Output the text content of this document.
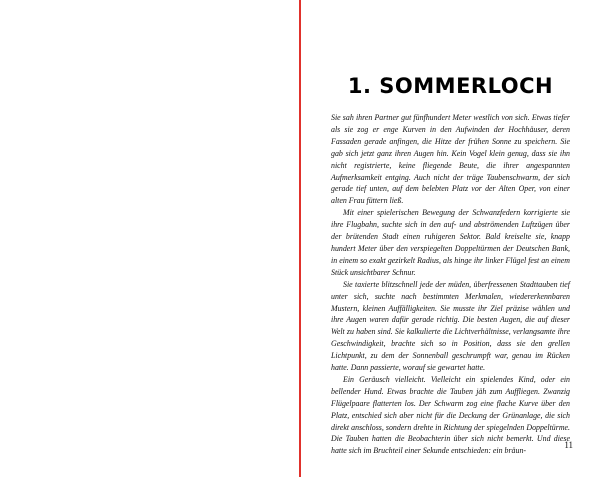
1. SOMMERLOCH

Sie sah ihren Partner gut fünfhundert Meter westlich von sich. Etwas tiefer als sie zog er enge Kurven in den Aufwinden der Hochhäuser, deren Fassaden gerade anfingen, die Hitze der frühen Sonne zu speichern. Sie gab sich jetzt ganz ihren Augen hin. Kein Vogel klein genug, dass sie ihn nicht registrierte, keine fliegende Beute, die ihrer angespannten Aufmerksamkeit entging. Auch nicht der träge Taubenschwarm, der sich gerade tief unten, auf dem belebten Platz vor der Alten Oper, von einer alten Frau füttern ließ.

Mit einer spielerischen Bewegung der Schwanzfedern korrigierte sie ihre Flugbahn, suchte sich in den auf- und abströmenden Luftzügen über der brütenden Stadt einen ruhigeren Sektor. Bald kreiselte sie, knapp hundert Meter über den verspiegelten Doppeltürmen der Deutschen Bank, in einem so exakt gezirkelt Radius, als hinge ihr linker Flügel fest an einem Stück unsichtbarer Schnur.

Sie taxierte blitzschnell jede der müden, überfressenen Stadttauben tief unter sich, suchte nach bestimmten Merkmalen, wiedererkennbaren Mustern, kleinen Auffälligkeiten. Sie musste ihr Ziel präzise wählen und ihre Augen waren dafür gerade richtig. Die besten Augen, die auf dieser Welt zu haben sind. Sie kalkulierte die Lichtverhältnisse, verlangsamte ihre Geschwindigkeit, brachte sich so in Position, dass sie den grellen Lichtpunkt, zu dem der Sonnenball geschrumpft war, genau im Rücken hatte. Dann passierte, worauf sie gewartet hatte.

Ein Geräusch vielleicht. Vielleicht ein spielendes Kind, oder ein bellender Hund. Etwas brachte die Tauben jäh zum Auffliegen. Zwanzig Flügelpaare flatterten los. Der Schwarm zog eine flache Kurve über den Platz, entschied sich aber nicht für die Deckung der Grünanlage, die sich direkt anschloss, sondern drehte in Richtung der spiegelnden Doppeltürme. Die Tauben hatten die Beobachterin über sich nicht bemerkt. Und diese hatte sich im Bruchteil einer Sekunde entschieden: ein bräun-

11
